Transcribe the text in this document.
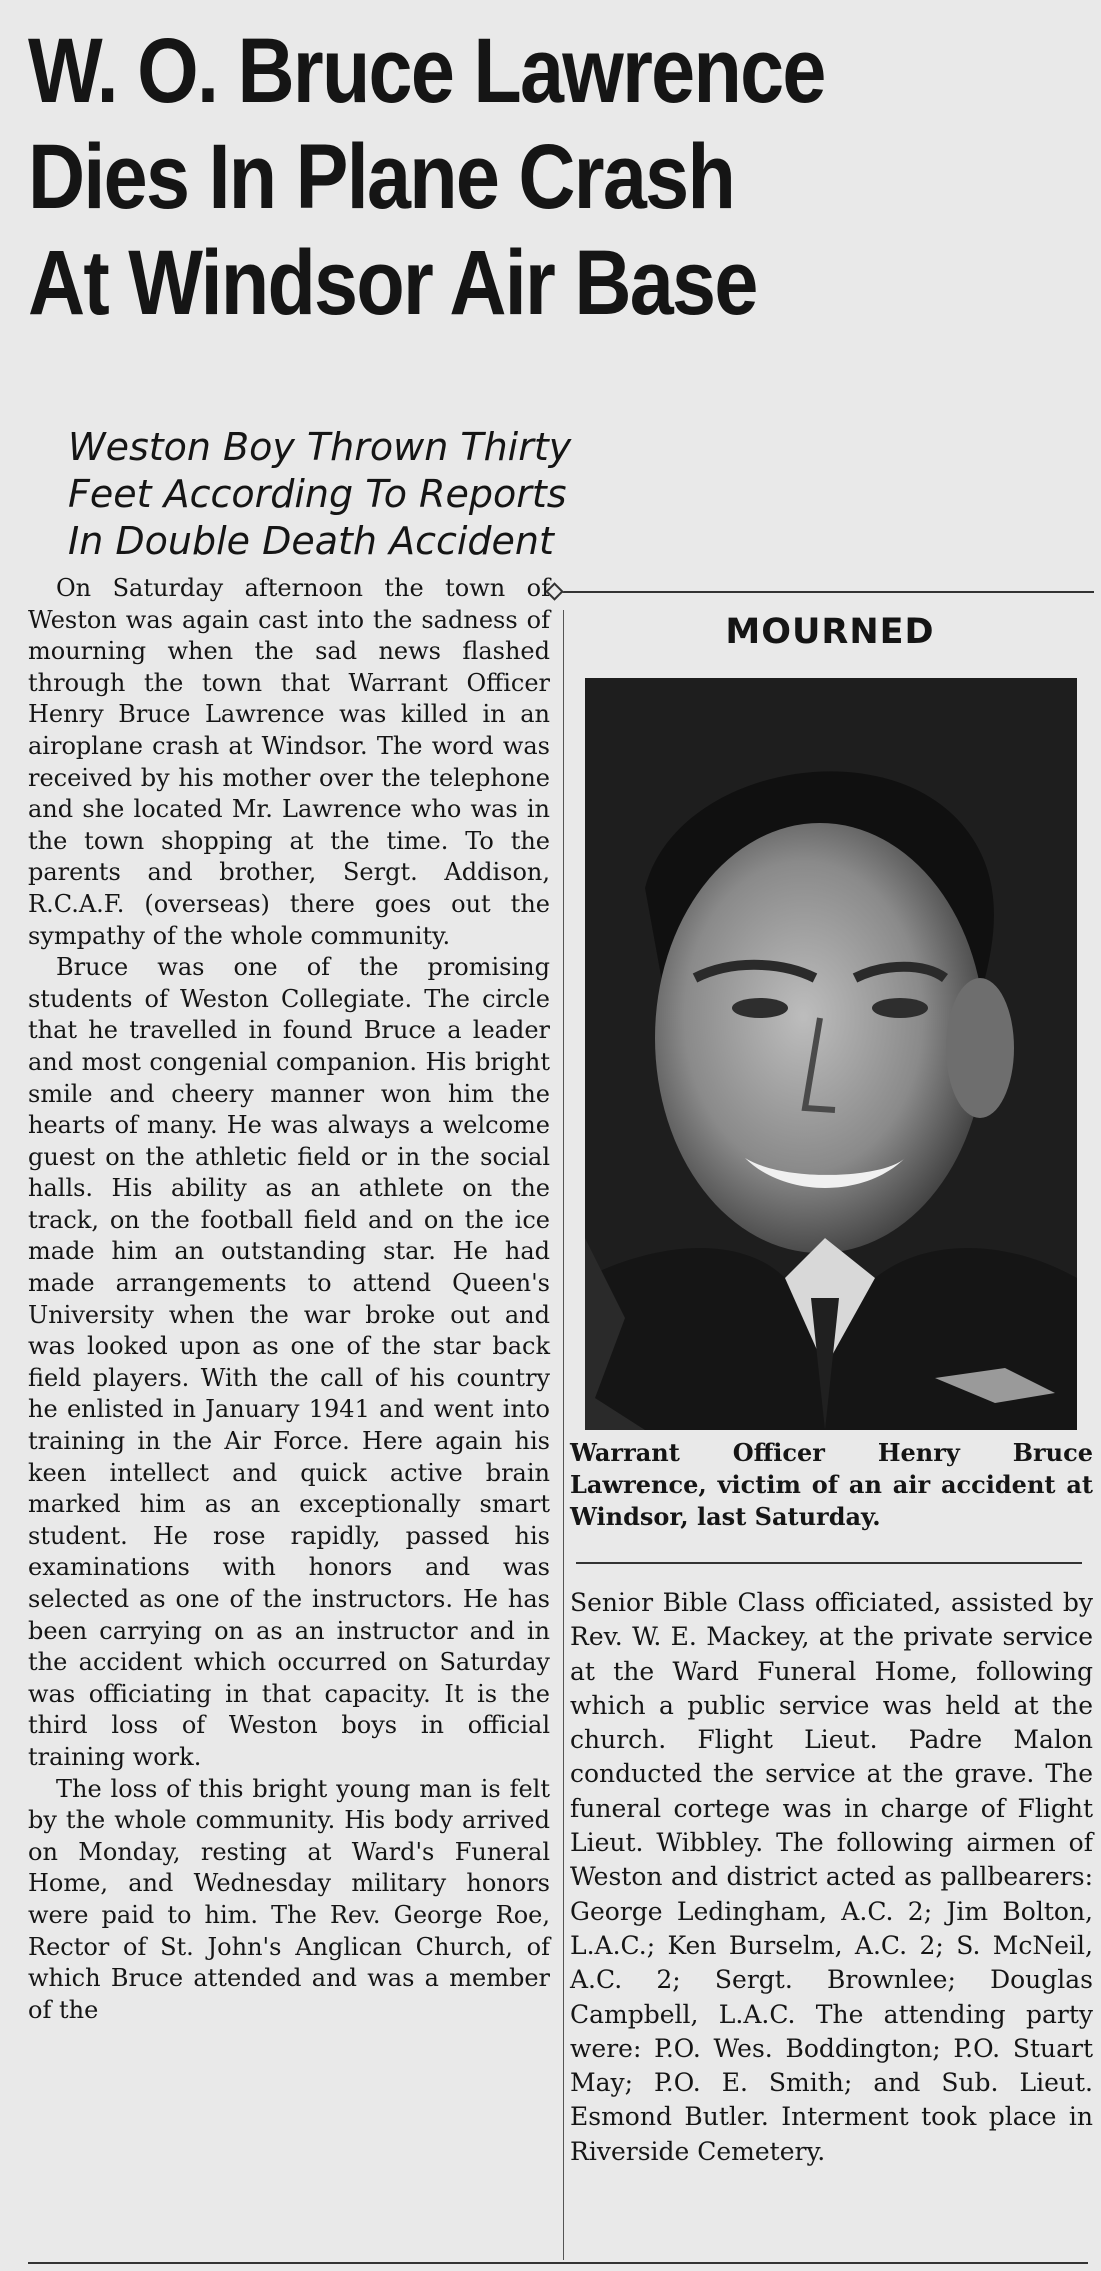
W. O. Bruce Lawrence
Dies In Plane Crash
At Windsor Air Base
Weston Boy Thrown Thirty
Feet According To Reports
In Double Death Accident

On Saturday afternoon the town of Weston was again cast into the sadness of mourning when the sad news flashed through the town that Warrant Officer Henry Bruce Lawrence was killed in an airoplane crash at Windsor. The word was received by his mother over the telephone and she located Mr. Lawrence who was in the town shopping at the time. To the parents and brother, Sergt. Addison, R.C.A.F. (overseas) there goes out the sympathy of the whole community.

Bruce was one of the promising students of Weston Collegiate. The circle that he travelled in found Bruce a leader and most congenial companion. His bright smile and cheery manner won him the hearts of many. He was always a welcome guest on the athletic field or in the social halls. His ability as an athlete on the track, on the football field and on the ice made him an outstanding star. He had made arrangements to attend Queen's University when the war broke out and was looked upon as one of the star back field players. With the call of his country he enlisted in January 1941 and went into training in the Air Force. Here again his keen intellect and quick active brain marked him as an exceptionally smart student. He rose rapidly, passed his examinations with honors and was selected as one of the instructors. He has been carrying on as an instructor and in the accident which occurred on Saturday was officiating in that capacity. It is the third loss of Weston boys in official training work.

The loss of this bright young man is felt by the whole community. His body arrived on Monday, resting at Ward's Funeral Home, and Wednesday military honors were paid to him. The Rev. George Roe, Rector of St. John's Anglican Church, of which Bruce attended and was a member of the

MOURNED
Warrant Officer Henry Bruce Lawrence, victim of an air accident at Windsor, last Saturday.

Senior Bible Class officiated, assisted by Rev. W. E. Mackey, at the private service at the Ward Funeral Home, following which a public service was held at the church. Flight Lieut. Padre Malon conducted the service at the grave. The funeral cortege was in charge of Flight Lieut. Wibbley. The following airmen of Weston and district acted as pallbearers: George Ledingham, A.C. 2; Jim Bolton, L.A.C.; Ken Burselm, A.C. 2; S. McNeil, A.C. 2; Sergt. Brownlee; Douglas Campbell, L.A.C. The attending party were: P.O. Wes. Boddington; P.O. Stuart May; P.O. E. Smith; and Sub. Lieut. Esmond Butler. Interment took place in Riverside Cemetery.
